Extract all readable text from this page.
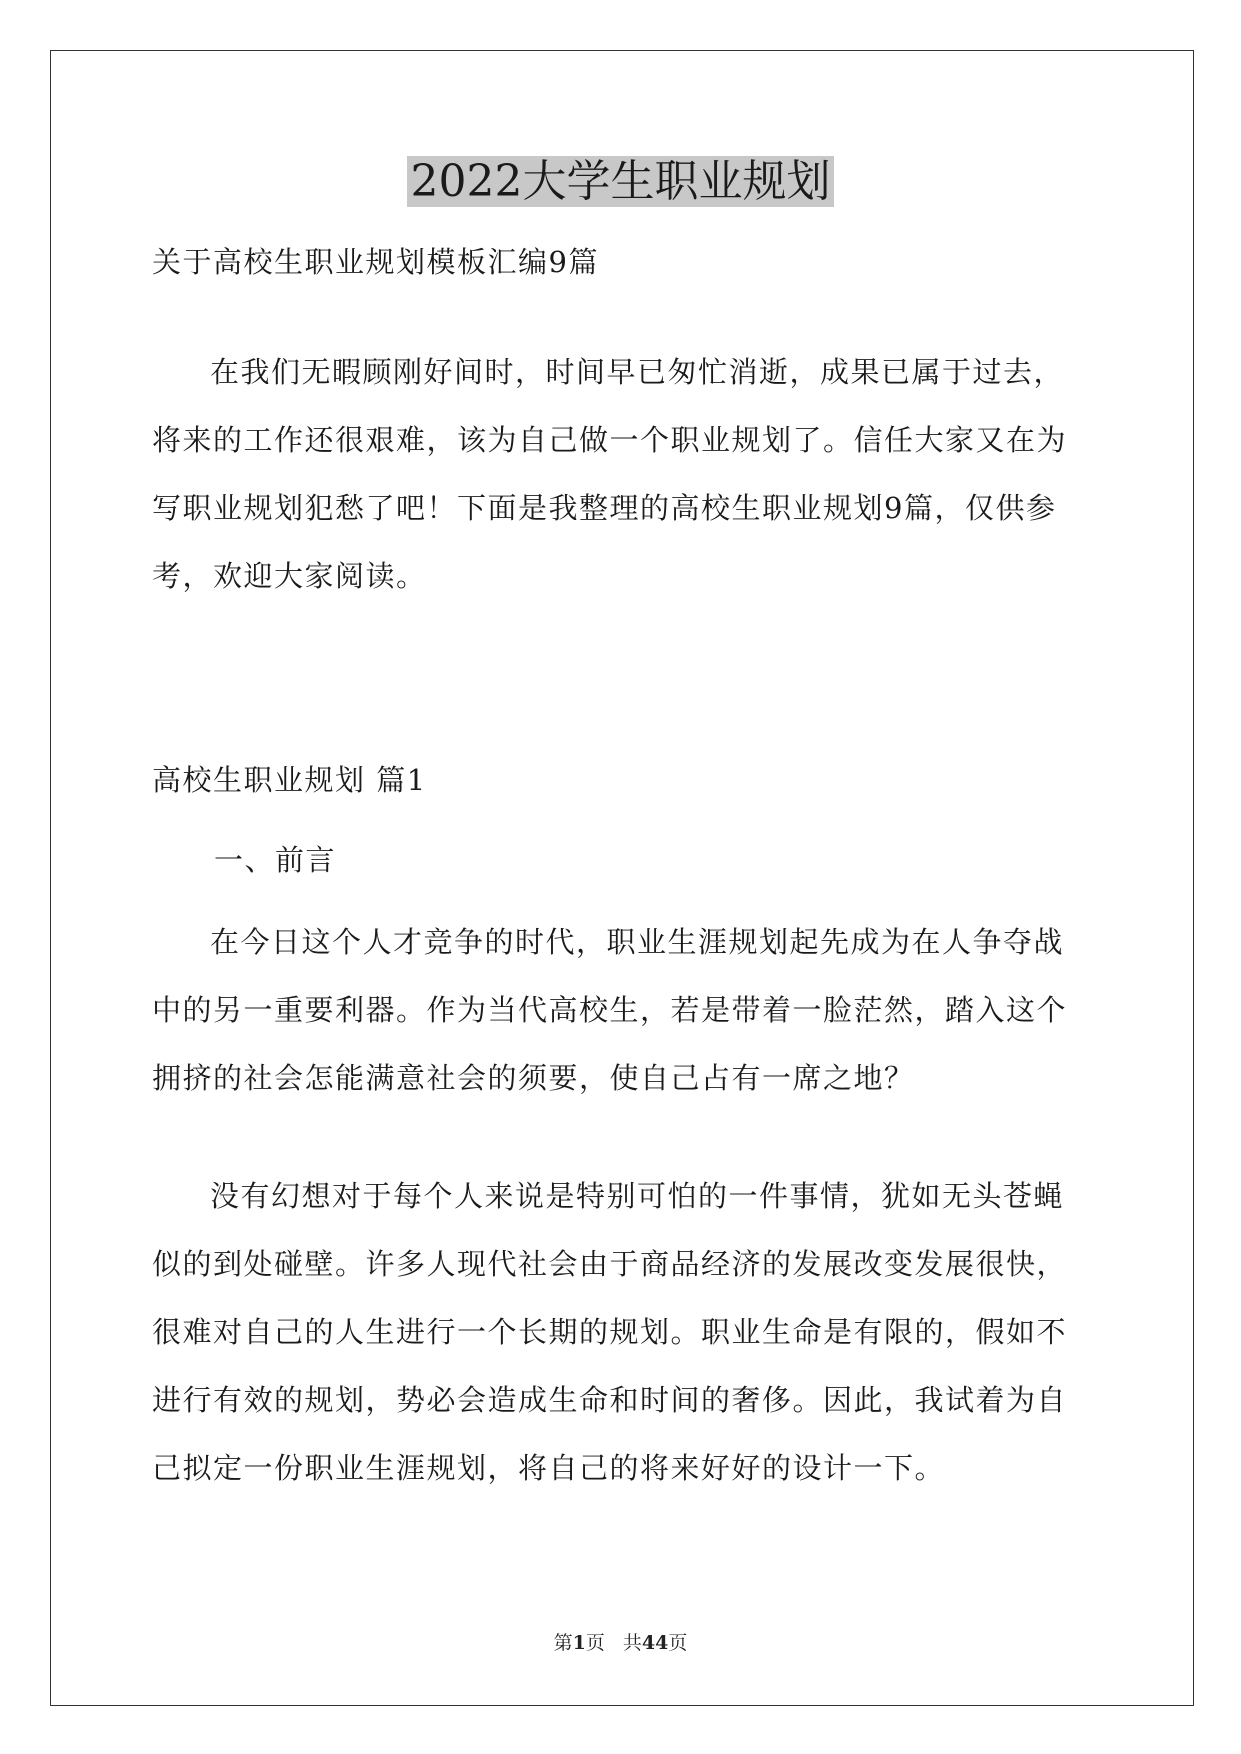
2022大学生职业规划
关于高校生职业规划模板汇编9篇

在我们无暇顾刚好间时，时间早已匆忙消逝，成果已属于过去，将来的工作还很艰难，该为自己做一个职业规划了。信任大家又在为写职业规划犯愁了吧！下面是我整理的高校生职业规划9篇，仅供参考，欢迎大家阅读。

高校生职业规划 篇1
一、前言

在今日这个人才竞争的时代，职业生涯规划起先成为在人争夺战中的另一重要利器。作为当代高校生，若是带着一脸茫然，踏入这个拥挤的社会怎能满意社会的须要，使自己占有一席之地？

没有幻想对于每个人来说是特别可怕的一件事情，犹如无头苍蝇似的到处碰壁。许多人现代社会由于商品经济的发展改变发展很快，很难对自己的人生进行一个长期的规划。职业生命是有限的，假如不进行有效的规划，势必会造成生命和时间的奢侈。因此，我试着为自己拟定一份职业生涯规划，将自己的将来好好的设计一下。

第1页 共44页
